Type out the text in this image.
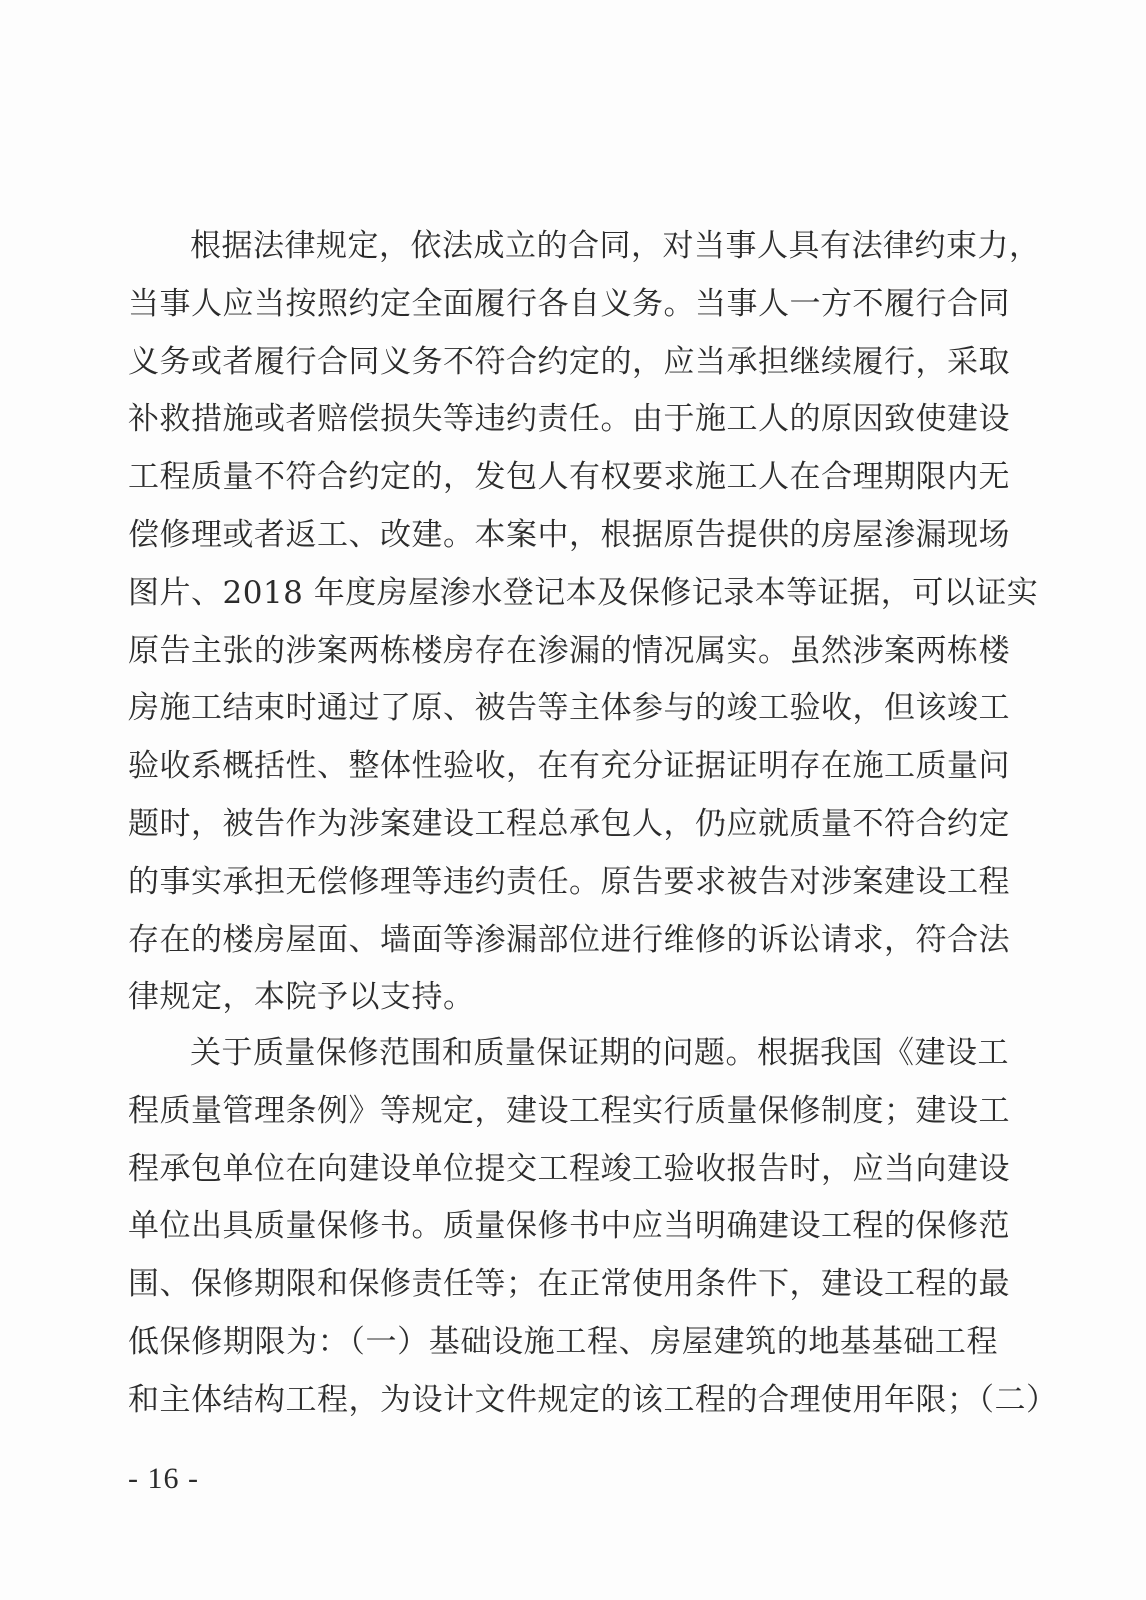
根据法律规定，依法成立的合同，对当事人具有法律约束力，
当事人应当按照约定全面履行各自义务。当事人一方不履行合同
义务或者履行合同义务不符合约定的，应当承担继续履行，采取
补救措施或者赔偿损失等违约责任。由于施工人的原因致使建设
工程质量不符合约定的，发包人有权要求施工人在合理期限内无
偿修理或者返工、改建。本案中，根据原告提供的房屋渗漏现场
图片、2018 年度房屋渗水登记本及保修记录本等证据，可以证实
原告主张的涉案两栋楼房存在渗漏的情况属实。虽然涉案两栋楼
房施工结束时通过了原、被告等主体参与的竣工验收，但该竣工
验收系概括性、整体性验收，在有充分证据证明存在施工质量问
题时，被告作为涉案建设工程总承包人，仍应就质量不符合约定
的事实承担无偿修理等违约责任。原告要求被告对涉案建设工程
存在的楼房屋面、墙面等渗漏部位进行维修的诉讼请求，符合法
律规定，本院予以支持。
关于质量保修范围和质量保证期的问题。根据我国《建设工
程质量管理条例》等规定，建设工程实行质量保修制度；建设工
程承包单位在向建设单位提交工程竣工验收报告时，应当向建设
单位出具质量保修书。质量保修书中应当明确建设工程的保修范
围、保修期限和保修责任等；在正常使用条件下，建设工程的最
低保修期限为：（一）基础设施工程、房屋建筑的地基基础工程
和主体结构工程，为设计文件规定的该工程的合理使用年限；（二）
- 16 -
